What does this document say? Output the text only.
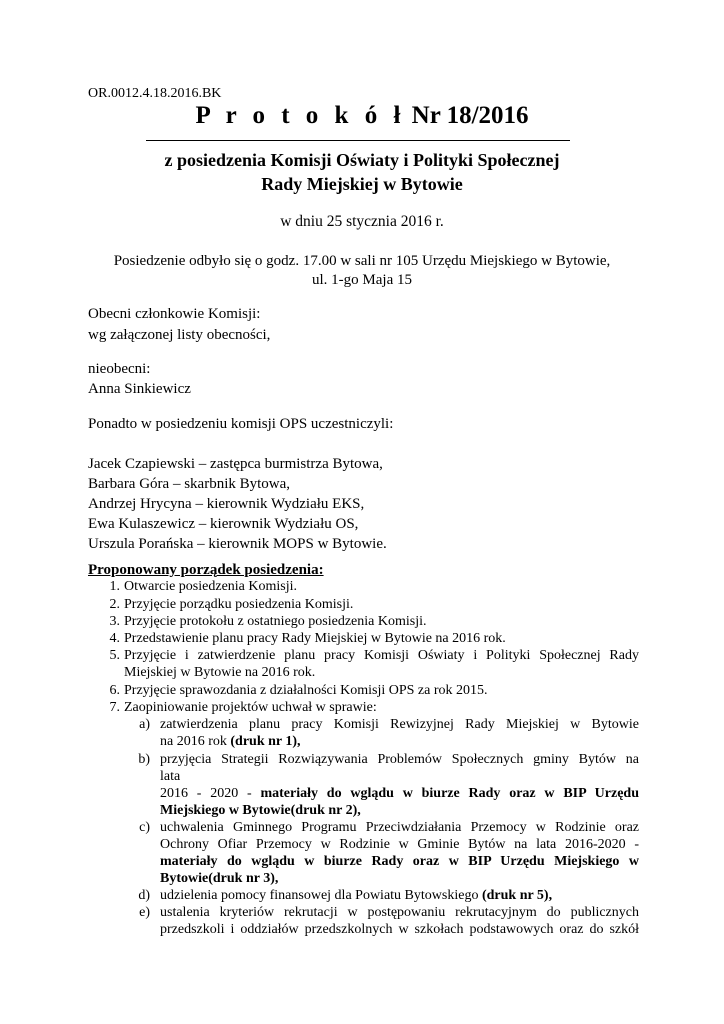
OR.0012.4.18.2016.BK
P r o t o k ó ł Nr 18/2016
z posiedzenia Komisji Oświaty i Polityki Społecznej
Rady Miejskiej w Bytowie
w dniu 25 stycznia 2016 r.
Posiedzenie odbyło się o godz. 17.00 w sali nr 105 Urzędu Miejskiego w Bytowie,
ul. 1-go Maja 15
Obecni członkowie Komisji:
wg załączonej listy obecności,
nieobecni:
Anna Sinkiewicz
Ponadto w posiedzeniu komisji OPS uczestniczyli:
Jacek Czapiewski – zastępca burmistrza Bytowa,
Barbara Góra – skarbnik Bytowa,
Andrzej Hrycyna – kierownik Wydziału EKS,
Ewa Kulaszewicz – kierownik Wydziału OS,
Urszula Porańska – kierownik MOPS w Bytowie.
Proponowany porządek posiedzenia:
1. Otwarcie posiedzenia Komisji.
2. Przyjęcie porządku posiedzenia Komisji.
3. Przyjęcie protokołu z ostatniego posiedzenia Komisji.
4. Przedstawienie planu pracy Rady Miejskiej w Bytowie na 2016 rok.
5. Przyjęcie i zatwierdzenie planu pracy Komisji Oświaty i Polityki Społecznej Rady
Miejskiej w Bytowie na 2016 rok.
6. Przyjęcie sprawozdania z działalności Komisji OPS za rok 2015.
7. Zaopiniowanie projektów uchwał w sprawie:
a) zatwierdzenia planu pracy Komisji Rewizyjnej Rady Miejskiej w Bytowie
na 2016 rok (druk nr 1),
b) przyjęcia Strategii Rozwiązywania Problemów Społecznych gminy Bytów na
lata
2016 - 2020 - materiały do wglądu w biurze Rady oraz w BIP Urzędu
Miejskiego w Bytowie(druk nr 2),
c) uchwalenia Gminnego Programu Przeciwdziałania Przemocy w Rodzinie oraz
Ochrony Ofiar Przemocy w Rodzinie w Gminie Bytów na lata 2016-2020 -
materiały do wglądu w biurze Rady oraz w BIP Urzędu Miejskiego w
Bytowie(druk nr 3),
d) udzielenia pomocy finansowej dla Powiatu Bytowskiego (druk nr 5),
e) ustalenia kryteriów rekrutacji w postępowaniu rekrutacyjnym do publicznych
przedszkoli i oddziałów przedszkolnych w szkołach podstawowych oraz do szkół
